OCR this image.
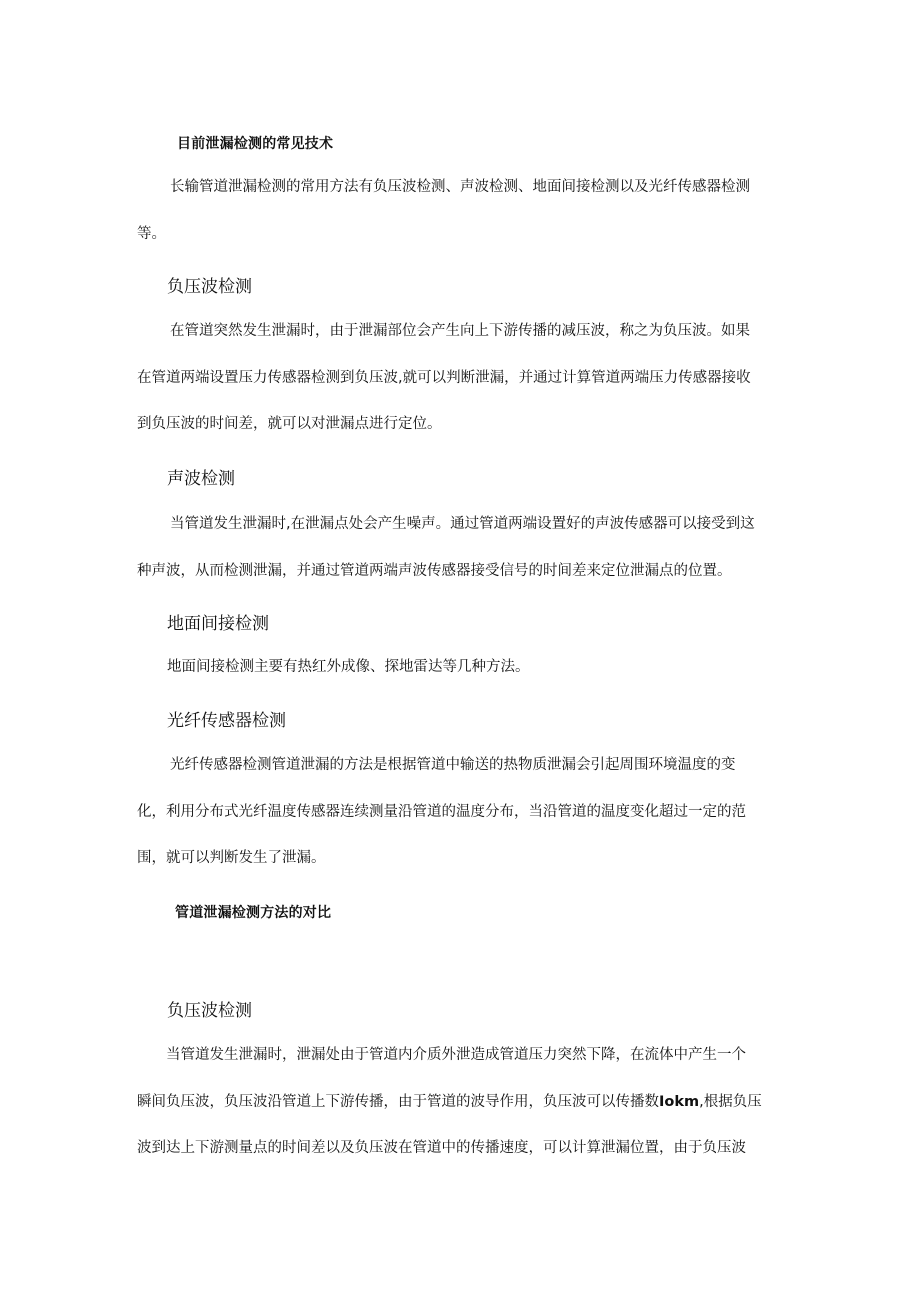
目前泄漏检测的常见技术
长输管道泄漏检测的常用方法有负压波检测、声波检测、地面间接检测以及光纤传感器检测
等。
负压波检测
在管道突然发生泄漏时，由于泄漏部位会产生向上下游传播的减压波，称之为负压波。如果
在管道两端设置压力传感器检测到负压波,就可以判断泄漏，并通过计算管道两端压力传感器接收
到负压波的时间差，就可以对泄漏点进行定位。
声波检测
当管道发生泄漏时,在泄漏点处会产生噪声。通过管道两端设置好的声波传感器可以接受到这
种声波，从而检测泄漏，并通过管道两端声波传感器接受信号的时间差来定位泄漏点的位置。
地面间接检测
地面间接检测主要有热红外成像、探地雷达等几种方法。
光纤传感器检测
光纤传感器检测管道泄漏的方法是根据管道中输送的热物质泄漏会引起周围环境温度的变
化，利用分布式光纤温度传感器连续测量沿管道的温度分布，当沿管道的温度变化超过一定的范
围，就可以判断发生了泄漏。
管道泄漏检测方法的对比
负压波检测
当管道发生泄漏时，泄漏处由于管道内介质外泄造成管道压力突然下降，在流体中产生一个
瞬间负压波，负压波沿管道上下游传播，由于管道的波导作用，负压波可以传播数Iokm,根据负压
波到达上下游测量点的时间差以及负压波在管道中的传播速度，可以计算泄漏位置，由于负压波
